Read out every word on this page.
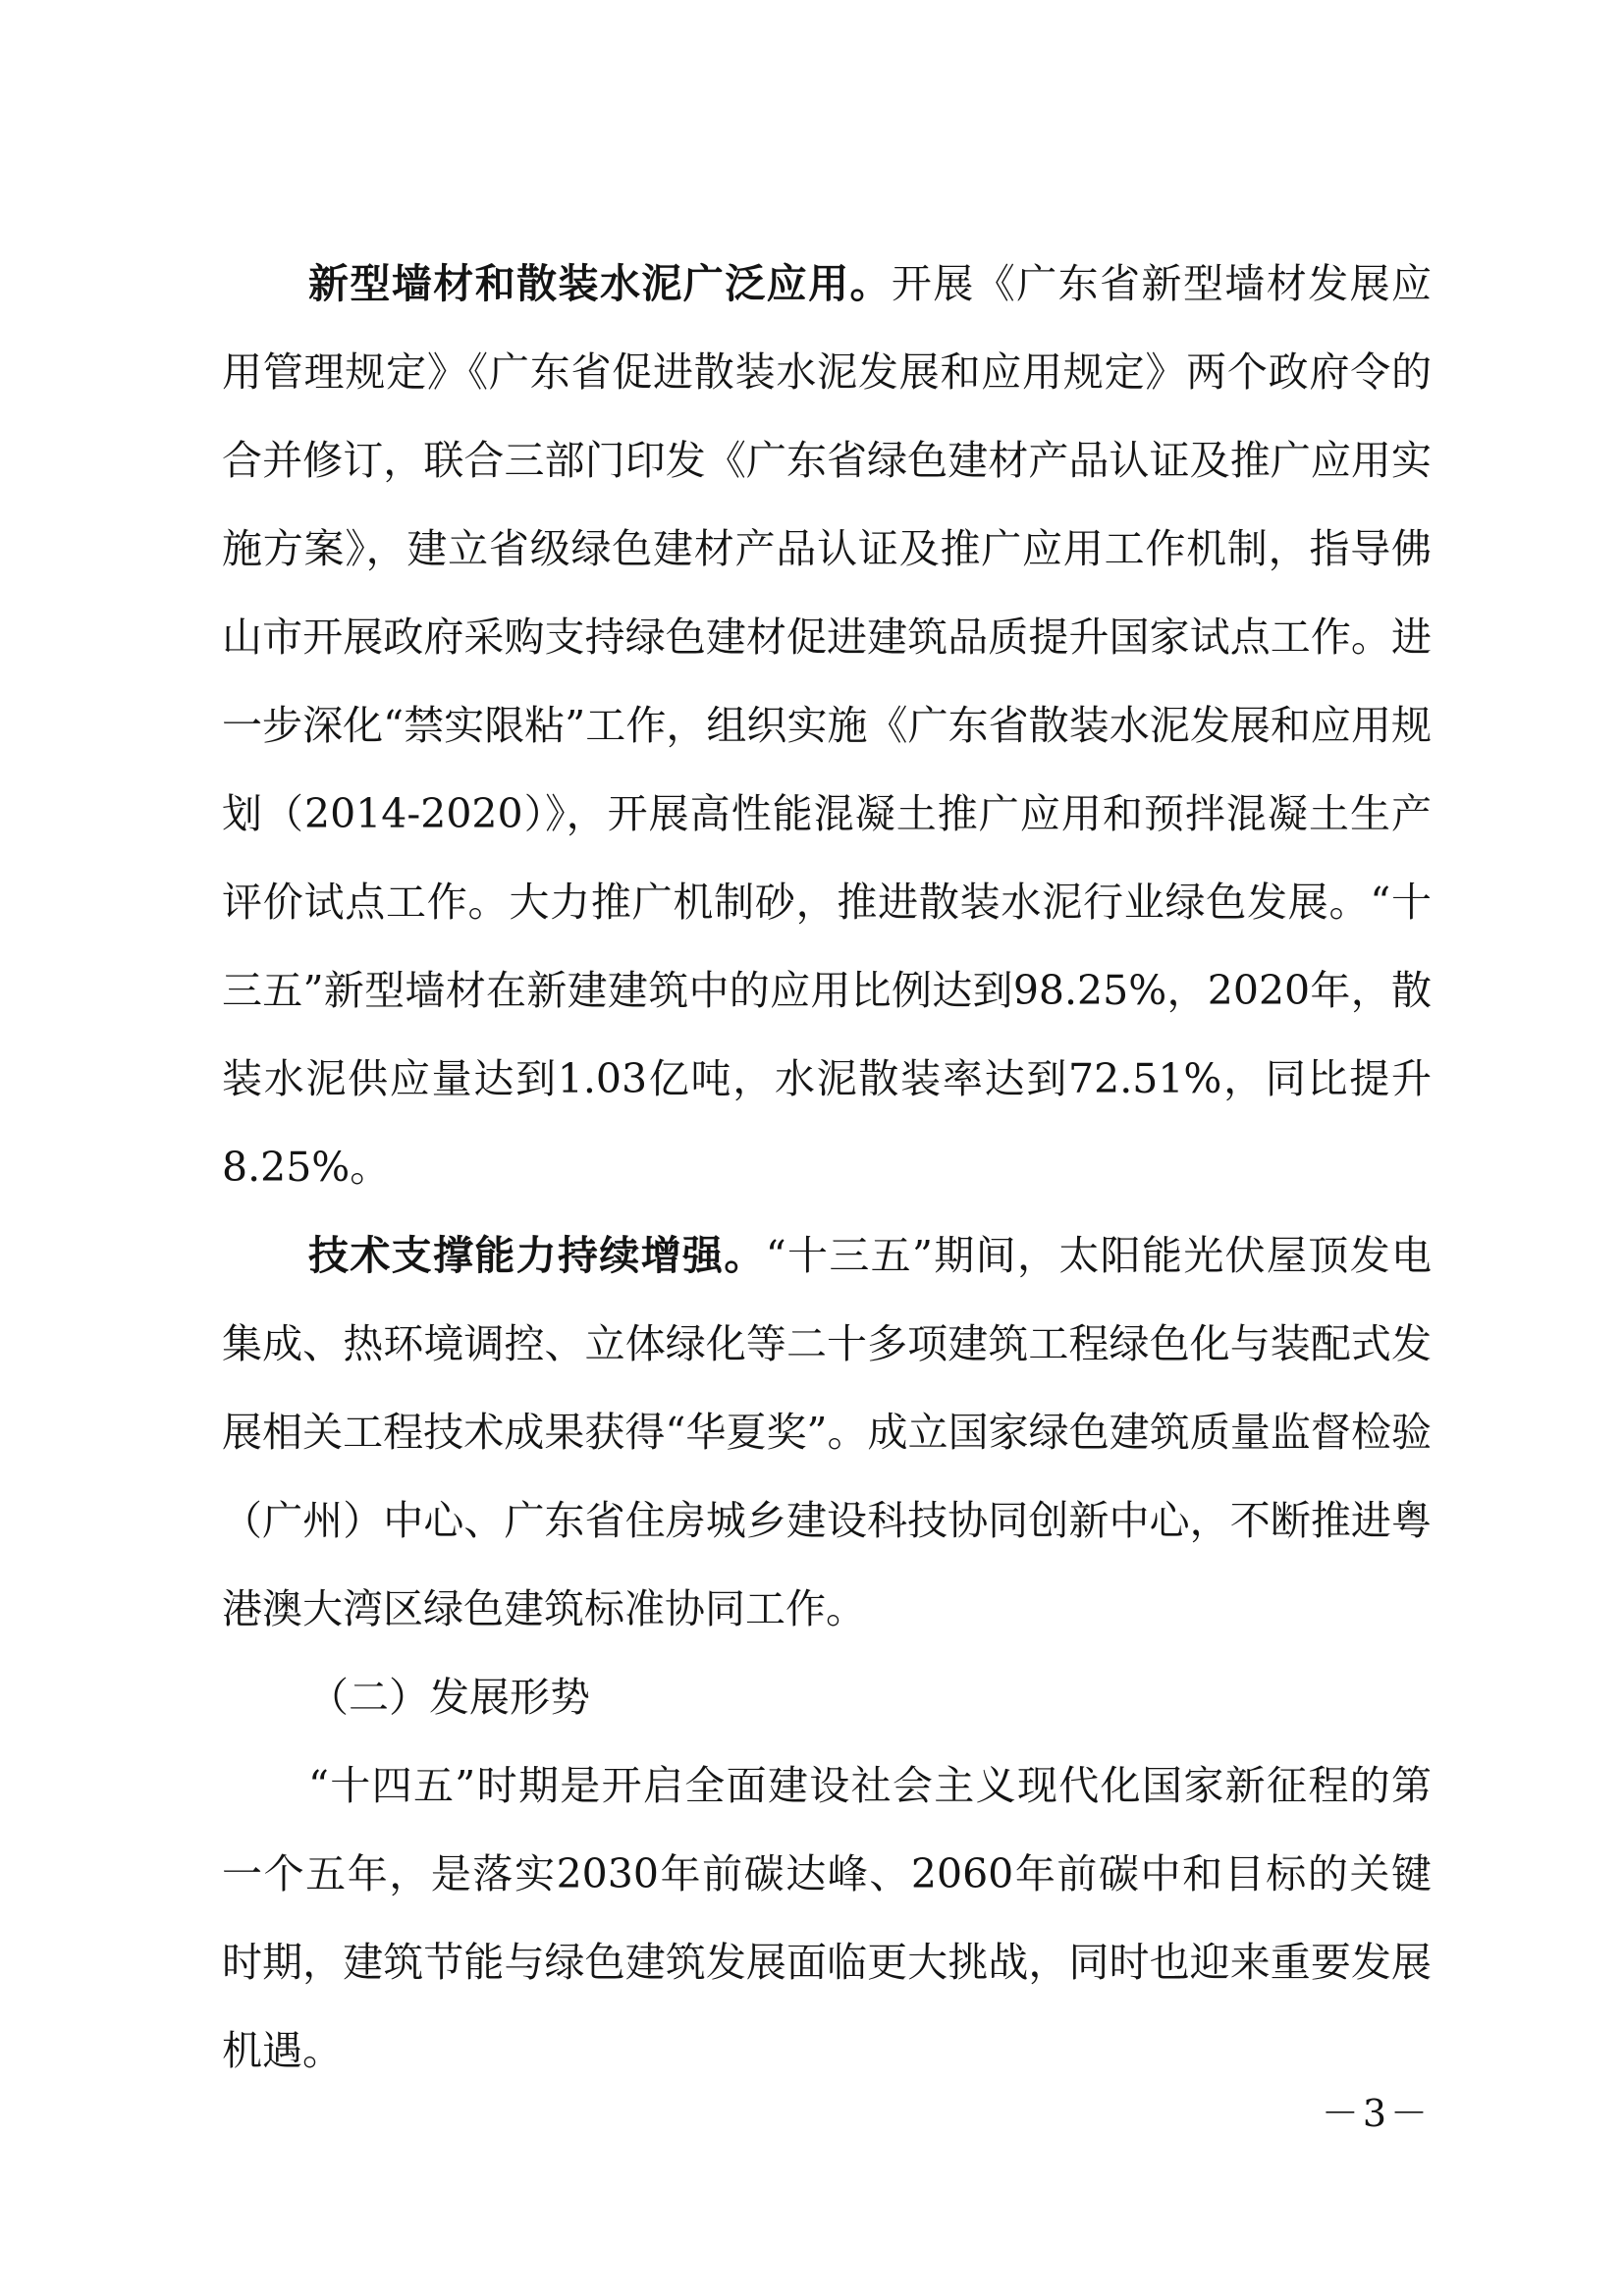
新型墙材和散装水泥广泛应用。开展《广东省新型墙材发展应用管理规定》《广东省促进散装水泥发展和应用规定》两个政府令的合并修订，联合三部门印发《广东省绿色建材产品认证及推广应用实施方案》，建立省级绿色建材产品认证及推广应用工作机制，指导佛山市开展政府采购支持绿色建材促进建筑品质提升国家试点工作。进一步深化“禁实限粘”工作，组织实施《广东省散装水泥发展和应用规划（2014-2020）》，开展高性能混凝土推广应用和预拌混凝土生产评价试点工作。大力推广机制砂，推进散装水泥行业绿色发展。“十三五”新型墙材在新建建筑中的应用比例达到98.25%，2020年，散装水泥供应量达到1.03亿吨，水泥散装率达到72.51%，同比提升8.25%。

技术支撑能力持续增强。“十三五”期间，太阳能光伏屋顶发电集成、热环境调控、立体绿化等二十多项建筑工程绿色化与装配式发展相关工程技术成果获得“华夏奖”。成立国家绿色建筑质量监督检验（广州）中心、广东省住房城乡建设科技协同创新中心，不断推进粤港澳大湾区绿色建筑标准协同工作。

（二）发展形势

“十四五”时期是开启全面建设社会主义现代化国家新征程的第一个五年，是落实2030年前碳达峰、2060年前碳中和目标的关键时期，建筑节能与绿色建筑发展面临更大挑战，同时也迎来重要发展机遇。

－3－
